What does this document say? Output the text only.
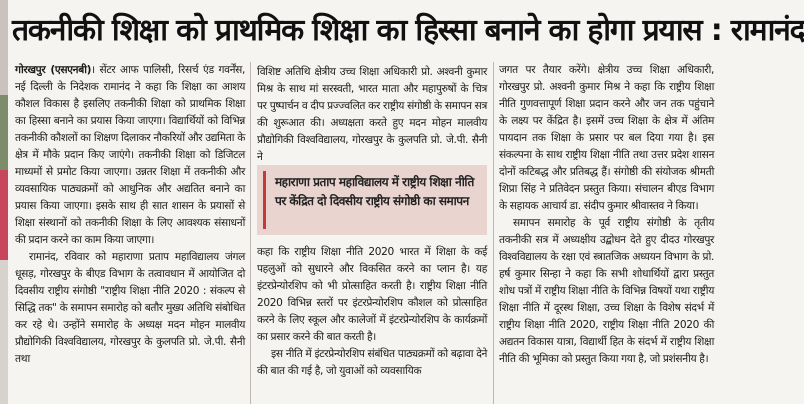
तकनीकी शिक्षा को प्राथमिक शिक्षा का हिस्सा बनाने का होगा प्रयास : रामानंद

गोरखपुर (एसएनबी)। सेंटर आफ पालिसी, रिसर्च एंड गवर्नेंस, नई दिल्ली के निदेशक रामानंद ने कहा कि शिक्षा का आशय कौशल विकास है इसलिए तकनीकी शिक्षा को प्राथमिक शिक्षा का हिस्सा बनाने का प्रयास किया जाएगा। विद्यार्थियों को विभिन्न तकनीकी कौशलों का शिक्षण दिलाकर नौकरियों और उद्यमिता के क्षेत्र में मौके प्रदान किए जाएंगे। तकनीकी शिक्षा को डिजिटल माध्यमों से प्रमोट किया जाएगा। उन्नतर शिक्षा में तकनीकी और व्यवसायिक पाठ्यक्रमों को आधुनिक और अद्यतित बनाने का प्रयास किया जाएगा। इसके साथ ही सात शासन के प्रयासों से शिक्षा संस्थानों को तकनीकी शिक्षा के लिए आवश्यक संसाधनों की प्रदान करने का काम किया जाएगा।

रामानंद, रविवार को महाराणा प्रताप महाविद्यालय जंगल धूसड़, गोरखपुर के बीएड विभाग के तत्वावधान में आयोजित दो दिवसीय राष्ट्रीय संगोष्ठी "राष्ट्रीय शिक्षा नीति 2020 : संकल्प से सिद्धि तक" के समापन समारोह को बतौर मुख्य अतिथि संबोधित कर रहे थे। उन्होंने समारोह के अध्यक्ष मदन मोहन मालवीय प्रौद्योगिकी विश्वविद्यालय, गोरखपुर के कुलपति प्रो. जे.पी. सैनी तथा

विशिष्ट अतिथि क्षेत्रीय उच्च शिक्षा अधिकारी प्रो. अश्वनी कुमार मिश्र के साथ मां सरस्वती, भारत माता और महापुरुषों के चित्र पर पुष्पार्चन व दीप प्रज्ज्वलित कर राष्ट्रीय संगोष्ठी के समापन सत्र की शुरूआत की। अध्यक्षता करते हुए मदन मोहन मालवीय प्रौद्योगिकी विश्वविद्यालय, गोरखपुर के कुलपति प्रो. जे.पी. सैनी ने

महाराणा प्रताप महाविद्यालय में राष्ट्रीय शिक्षा नीति पर केंद्रित दो दिवसीय राष्ट्रीय संगोष्ठी का समापन

कहा कि राष्ट्रीय शिक्षा नीति 2020 भारत में शिक्षा के कई पहलुओं को सुधारने और विकसित करने का प्लान है। यह इंटरप्रेन्योरशिप को भी प्रोत्साहित करती है। राष्ट्रीय शिक्षा नीति 2020 विभिन्न स्तरों पर इंटरप्रेन्योरशिप कौशल को प्रोत्साहित करने के लिए स्कूल और कालेजों में इंटरप्रेन्योरशिप के कार्यक्रमों का प्रसार करने की बात करती है।

इस नीति में इंटरप्रेन्योरशिप संबंधित पाठ्यक्रमों को बढ़ावा देने की बात की गई है, जो युवाओं को व्यवसायिक

जगत पर तैयार करेंगे। क्षेत्रीय उच्च शिक्षा अधिकारी, गोरखपुर प्रो. अश्वनी कुमार मिश्र ने कहा कि राष्ट्रीय शिक्षा नीति गुणवत्तापूर्ण शिक्षा प्रदान करने और जन तक पहुंचाने के लक्ष्य पर केंद्रित है। इसमें उच्च शिक्षा के क्षेत्र में अंतिम पायदान तक शिक्षा के प्रसार पर बल दिया गया है। इस संकल्पना के साथ राष्ट्रीय शिक्षा नीति तथा उत्तर प्रदेश शासन दोनों कटिबद्ध और प्रतिबद्ध हैं। संगोष्ठी की संयोजक श्रीमती शिप्रा सिंह ने प्रतिवेदन प्रस्तुत किया। संचालन बीएड विभाग के सहायक आचार्य डा. संदीप कुमार श्रीवास्तव ने किया।

समापन समारोह के पूर्व राष्ट्रीय संगोष्ठी के तृतीय तकनीकी सत्र में अध्यक्षीय उद्बोधन देते हुए दीदउ गोरखपुर विश्वविद्यालय के रक्षा एवं स्त्रातजिक अध्ययन विभाग के प्रो. हर्ष कुमार सिन्हा ने कहा कि सभी शोधार्थियों द्वारा प्रस्तुत शोध पत्रों में राष्ट्रीय शिक्षा नीति के विभिन्न विषयों यथा राष्ट्रीय शिक्षा नीति में दूरस्थ शिक्षा, उच्च शिक्षा के विशेष संदर्भ में राष्ट्रीय शिक्षा नीति 2020, राष्ट्रीय शिक्षा नीति 2020 की अद्यतन विकास यात्रा, विद्यार्थी हित के संदर्भ में राष्ट्रीय शिक्षा नीति की भूमिका को प्रस्तुत किया गया है, जो प्रशंसनीय है।
